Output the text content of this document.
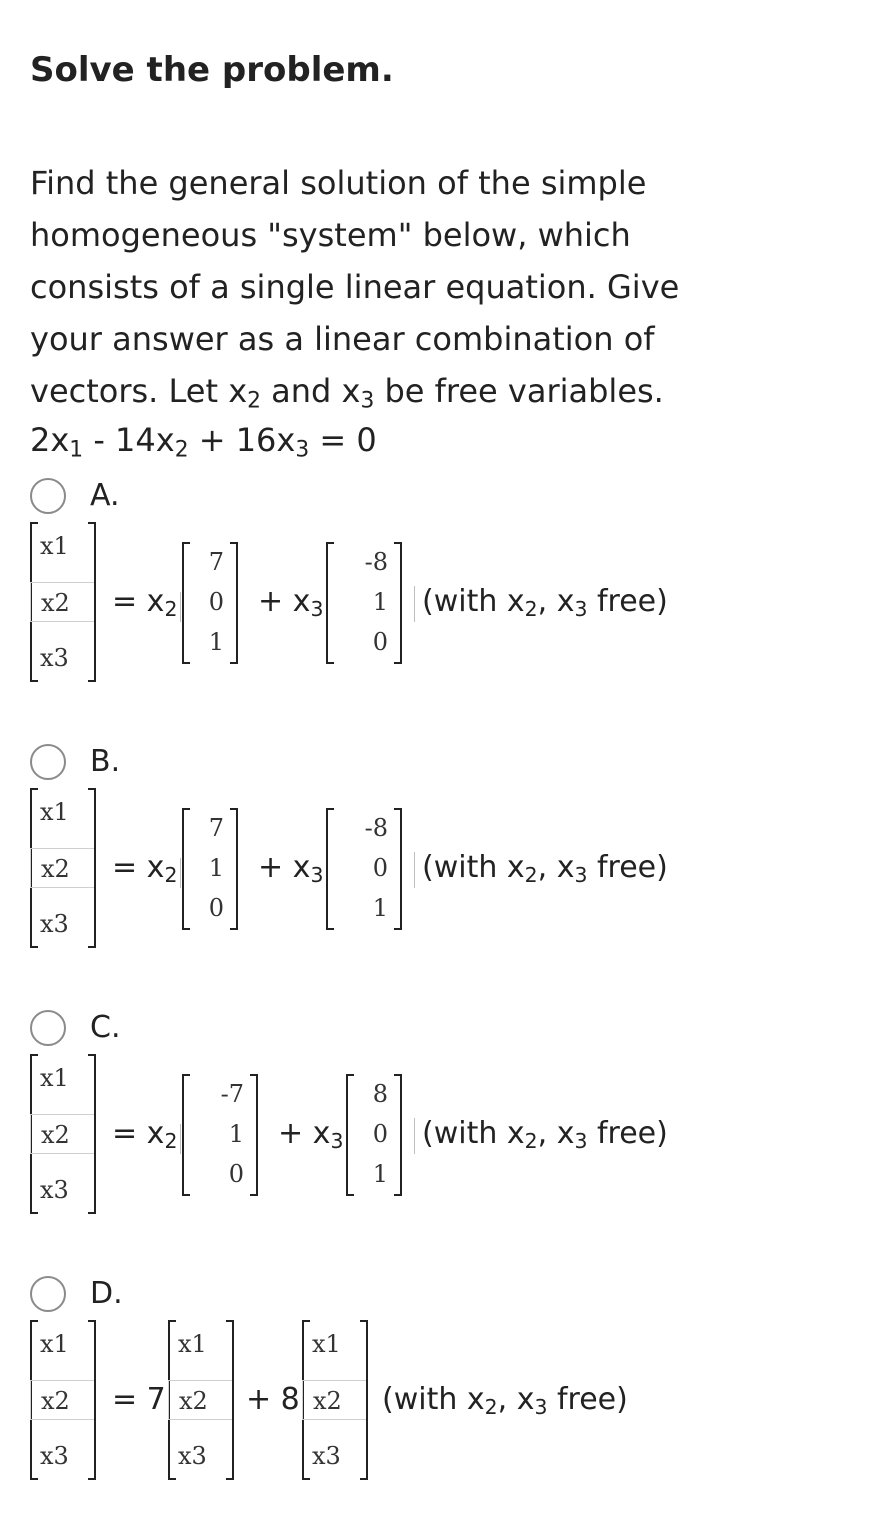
Solve the problem.

Find the general solution of the simple homogeneous "system" below, which consists of a single linear equation. Give your answer as a linear combination of vectors. Let $x_2$ and $x_3$ be free variables.

$2x_1 - 14x_2 + 16x_3 = 0$

A.
x1
x2
x3
= $x_2$
7
0
1
+ $x_3$
-8
1
0
(with $x_2$, $x_3$ free)
B.
x1
x2
x3
= $x_2$
7
1
0
+ $x_3$
-8
0
1
(with $x_2$, $x_3$ free)
C.
x1
x2
x3
= $x_2$
-7
1
0
+ $x_3$
8
0
1
(with $x_2$, $x_3$ free)
D.
x1
x2
x3
= 7
x1
x2
x3
+ 8
x1
x2
x3
(with $x_2$, $x_3$ free)
